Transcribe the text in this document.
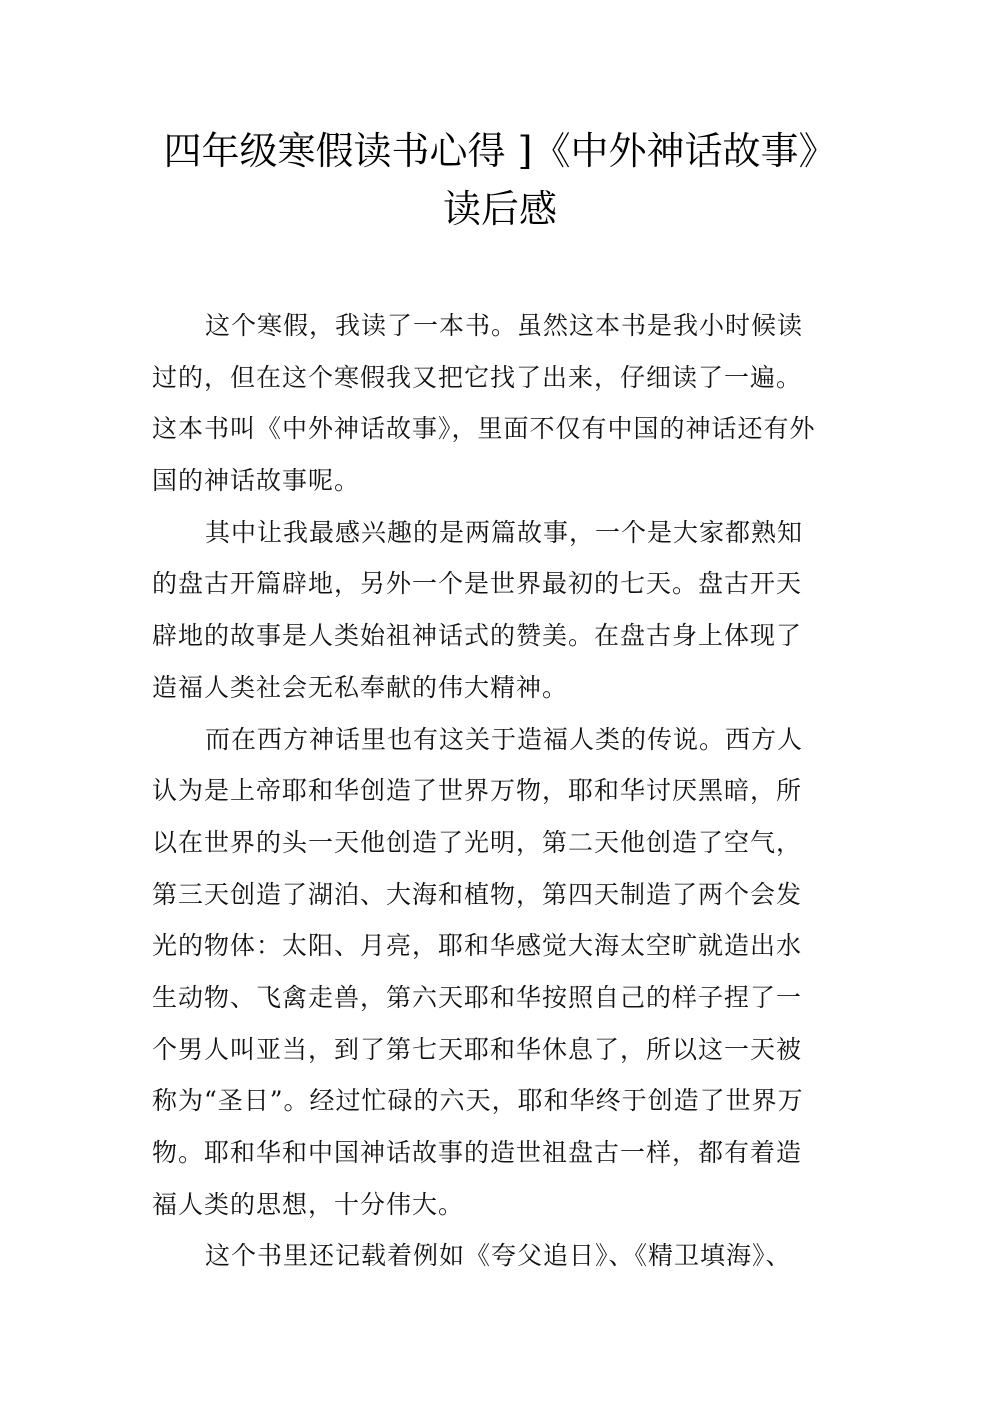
四年级寒假读书心得 ]《中外神话故事》
读后感

这个寒假，我读了一本书。虽然这本书是我小时候读
过的，但在这个寒假我又把它找了出来，仔细读了一遍。
这本书叫《中外神话故事》，里面不仅有中国的神话还有外
国的神话故事呢。

其中让我最感兴趣的是两篇故事，一个是大家都熟知
的盘古开篇辟地，另外一个是世界最初的七天。盘古开天
辟地的故事是人类始祖神话式的赞美。在盘古身上体现了
造福人类社会无私奉献的伟大精神。

而在西方神话里也有这关于造福人类的传说。西方人
认为是上帝耶和华创造了世界万物，耶和华讨厌黑暗，所
以在世界的头一天他创造了光明，第二天他创造了空气，
第三天创造了湖泊、大海和植物，第四天制造了两个会发
光的物体：太阳、月亮，耶和华感觉大海太空旷就造出水
生动物、飞禽走兽，第六天耶和华按照自己的样子捏了一
个男人叫亚当，到了第七天耶和华休息了，所以这一天被
称为“圣日”。经过忙碌的六天，耶和华终于创造了世界万
物。耶和华和中国神话故事的造世祖盘古一样，都有着造
福人类的思想，十分伟大。

这个书里还记载着例如《夸父追日》、《精卫填海》、
